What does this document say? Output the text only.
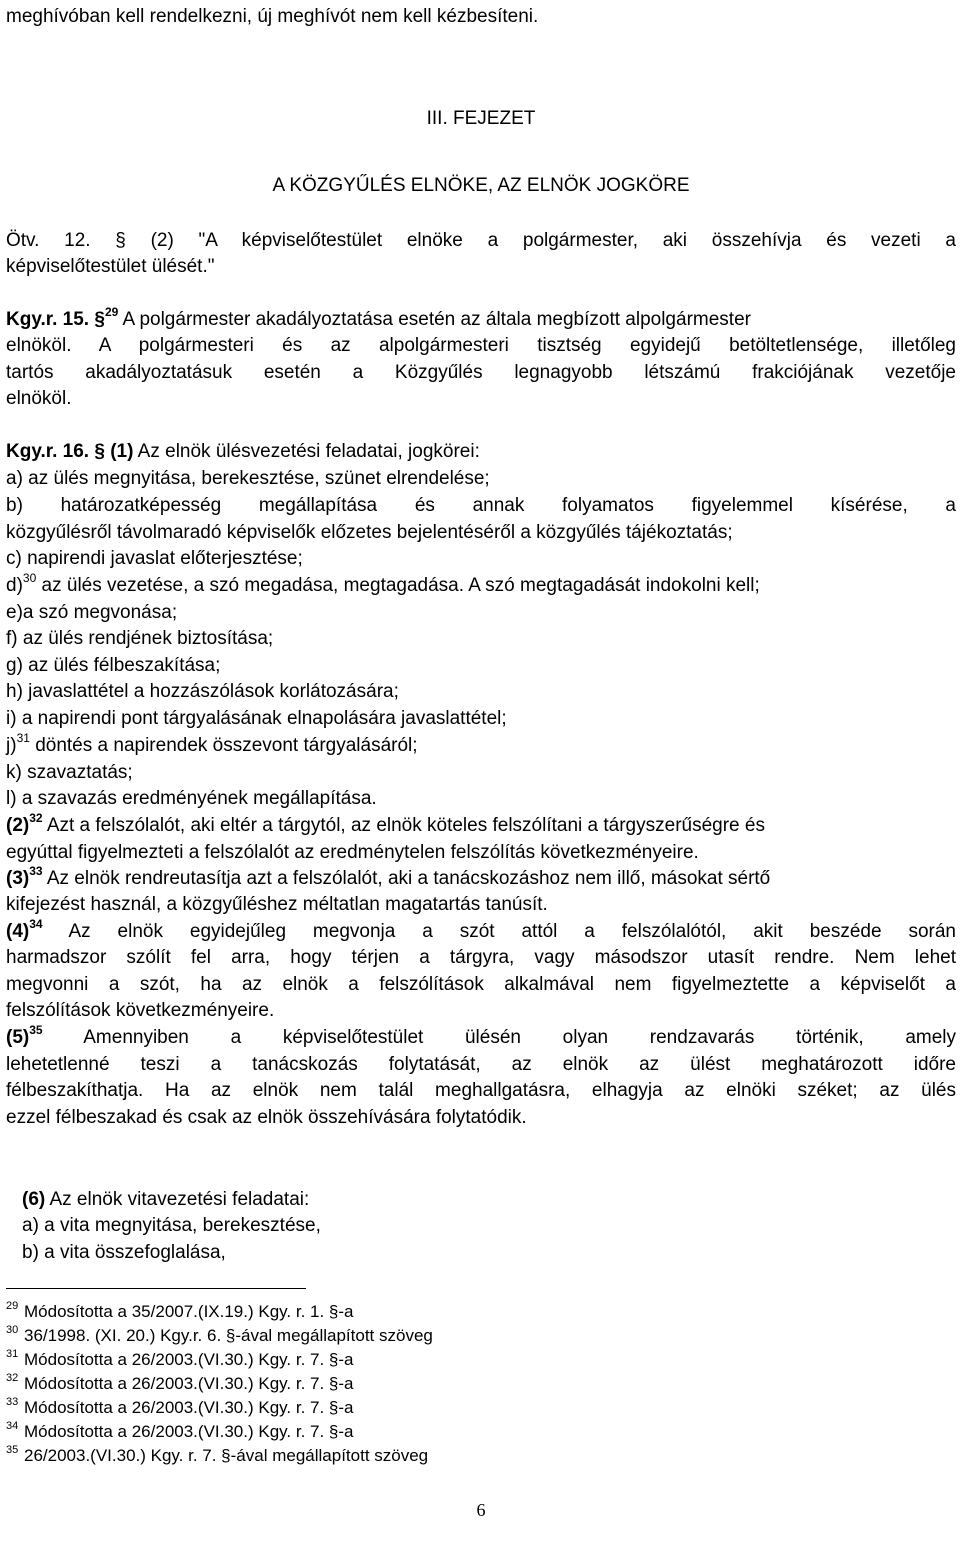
meghívóban kell rendelkezni, új meghívót nem kell kézbesíteni.
III. FEJEZET
A KÖZGYŰLÉS ELNÖKE, AZ ELNÖK JOGKÖRE
Ötv. 12. § (2) "A képviselőtestület elnöke a polgármester, aki összehívja és vezeti a
képviselőtestület ülését."
Kgy.r. 15. §$^{29}$ A polgármester akadályoztatása esetén az általa megbízott alpolgármester
elnököl. A polgármesteri és az alpolgármesteri tisztség egyidejű betöltetlensége, illetőleg
tartós akadályoztatásuk esetén a Közgyűlés legnagyobb létszámú frakciójának vezetője
elnököl.
Kgy.r. 16. § (1) Az elnök ülésvezetési feladatai, jogkörei:
a) az ülés megnyitása, berekesztése, szünet elrendelése;
b) határozatképesség megállapítása és annak folyamatos figyelemmel kísérése, a
közgyűlésről távolmaradó képviselők előzetes bejelentéséről a közgyűlés tájékoztatás;
c) napirendi javaslat előterjesztése;
d)$^{30}$ az ülés vezetése, a szó megadása, megtagadása. A szó megtagadását indokolni kell;
e)a szó megvonása;
f) az ülés rendjének biztosítása;
g) az ülés félbeszakítása;
h) javaslattétel a hozzászólások korlátozására;
i) a napirendi pont tárgyalásának elnapolására javaslattétel;
j)$^{31}$ döntés a napirendek összevont tárgyalásáról;
k) szavaztatás;
l) a szavazás eredményének megállapítása.
$(2)^{32}$ Azt a felszólalót, aki eltér a tárgytól, az elnök köteles felszólítani a tárgyszerűségre és
egyúttal figyelmezteti a felszólalót az eredménytelen felszólítás következményeire.
$(3)^{33}$ Az elnök rendreutasítja azt a felszólalót, aki a tanácskozáshoz nem illő, másokat sértő
kifejezést használ, a közgyűléshez méltatlan magatartás tanúsít.
$(4)^{34}$ Az elnök egyidejűleg megvonja a szót attól a felszólalótól, akit beszéde során
harmadszor szólít fel arra, hogy térjen a tárgyra, vagy másodszor utasít rendre. Nem lehet
megvonni a szót, ha az elnök a felszólítások alkalmával nem figyelmeztette a képviselőt a
felszólítások következményeire.
$(5)^{35}$ Amennyiben a képviselőtestület ülésén olyan rendzavarás történik, amely
lehetetlenné teszi a tanácskozás folytatását, az elnök az ülést meghatározott időre
félbeszakíthatja. Ha az elnök nem talál meghallgatásra, elhagyja az elnöki széket; az ülés
ezzel félbeszakad és csak az elnök összehívására folytatódik.
(6) Az elnök vitavezetési feladatai:
a) a vita megnyitása, berekesztése,
b) a vita összefoglalása,
$^{29}$ Módosította a 35/2007.(IX.19.) Kgy. r. 1. §-a
$^{30}$ 36/1998. (XI. 20.) Kgy.r. 6. §-ával megállapított szöveg
$^{31}$ Módosította a 26/2003.(VI.30.) Kgy. r. 7. §-a
$^{32}$ Módosította a 26/2003.(VI.30.) Kgy. r. 7. §-a
$^{33}$ Módosította a 26/2003.(VI.30.) Kgy. r. 7. §-a
$^{34}$ Módosította a 26/2003.(VI.30.) Kgy. r. 7. §-a
$^{35}$ 26/2003.(VI.30.) Kgy. r. 7. §-ával megállapított szöveg
6
